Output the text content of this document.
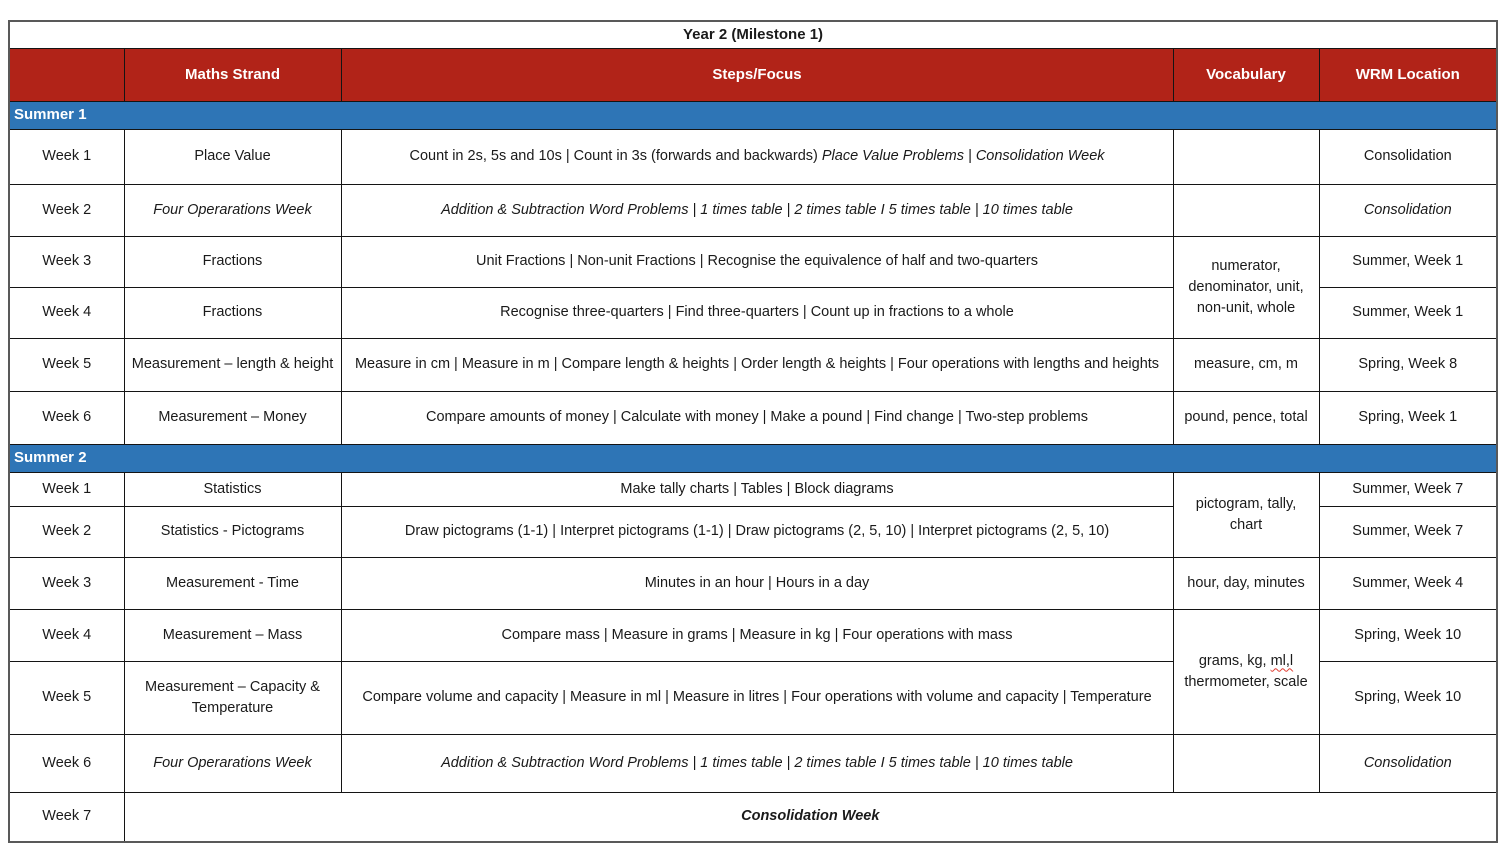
Year 2 (Milestone 1)				
	Maths Strand	Steps/Focus	Vocabulary	WRM Location
Summer 1				
Week 1	Place Value	Count in 2s, 5s and 10s | Count in 3s (forwards and backwards) Place Value Problems | Consolidation Week		Consolidation
Week 2	Four Operarations Week	Addition & Subtraction Word Problems | 1 times table | 2 times table I 5 times table | 10 times table		Consolidation
Week 3	Fractions	Unit Fractions | Non-unit Fractions | Recognise the equivalence of half and two-quarters	numerator, denominator, unit, non-unit, whole	Summer, Week 1
Week 4	Fractions	Recognise three-quarters | Find three-quarters | Count up in fractions to a whole		Summer, Week 1
Week 5	Measurement – length & height	Measure in cm | Measure in m | Compare length & heights | Order length & heights | Four operations with lengths and heights	measure, cm, m	Spring, Week 8
Week 6	Measurement – Money	Compare amounts of money | Calculate with money | Make a pound | Find change | Two-step problems	pound, pence, total	Spring, Week 1
Summer 2				
Week 1	Statistics	Make tally charts | Tables | Block diagrams	pictogram, tally, chart	Summer, Week 7
Week 2	Statistics - Pictograms	Draw pictograms (1-1) | Interpret pictograms (1-1) | Draw pictograms (2, 5, 10) | Interpret pictograms (2, 5, 10)		Summer, Week 7
Week 3	Measurement - Time	Minutes in an hour | Hours in a day	hour, day, minutes	Summer, Week 4
Week 4	Measurement – Mass	Compare mass | Measure in grams | Measure in kg | Four operations with mass	grams, kg, ml,l thermometer, scale	Spring, Week 10
Week 5	Measurement – Capacity & Temperature	Compare volume and capacity | Measure in ml | Measure in litres | Four operations with volume and capacity | Temperature		Spring, Week 10
Week 6	Four Operarations Week	Addition & Subtraction Word Problems | 1 times table | 2 times table I 5 times table | 10 times table		Consolidation
Week 7	Consolidation Week			
